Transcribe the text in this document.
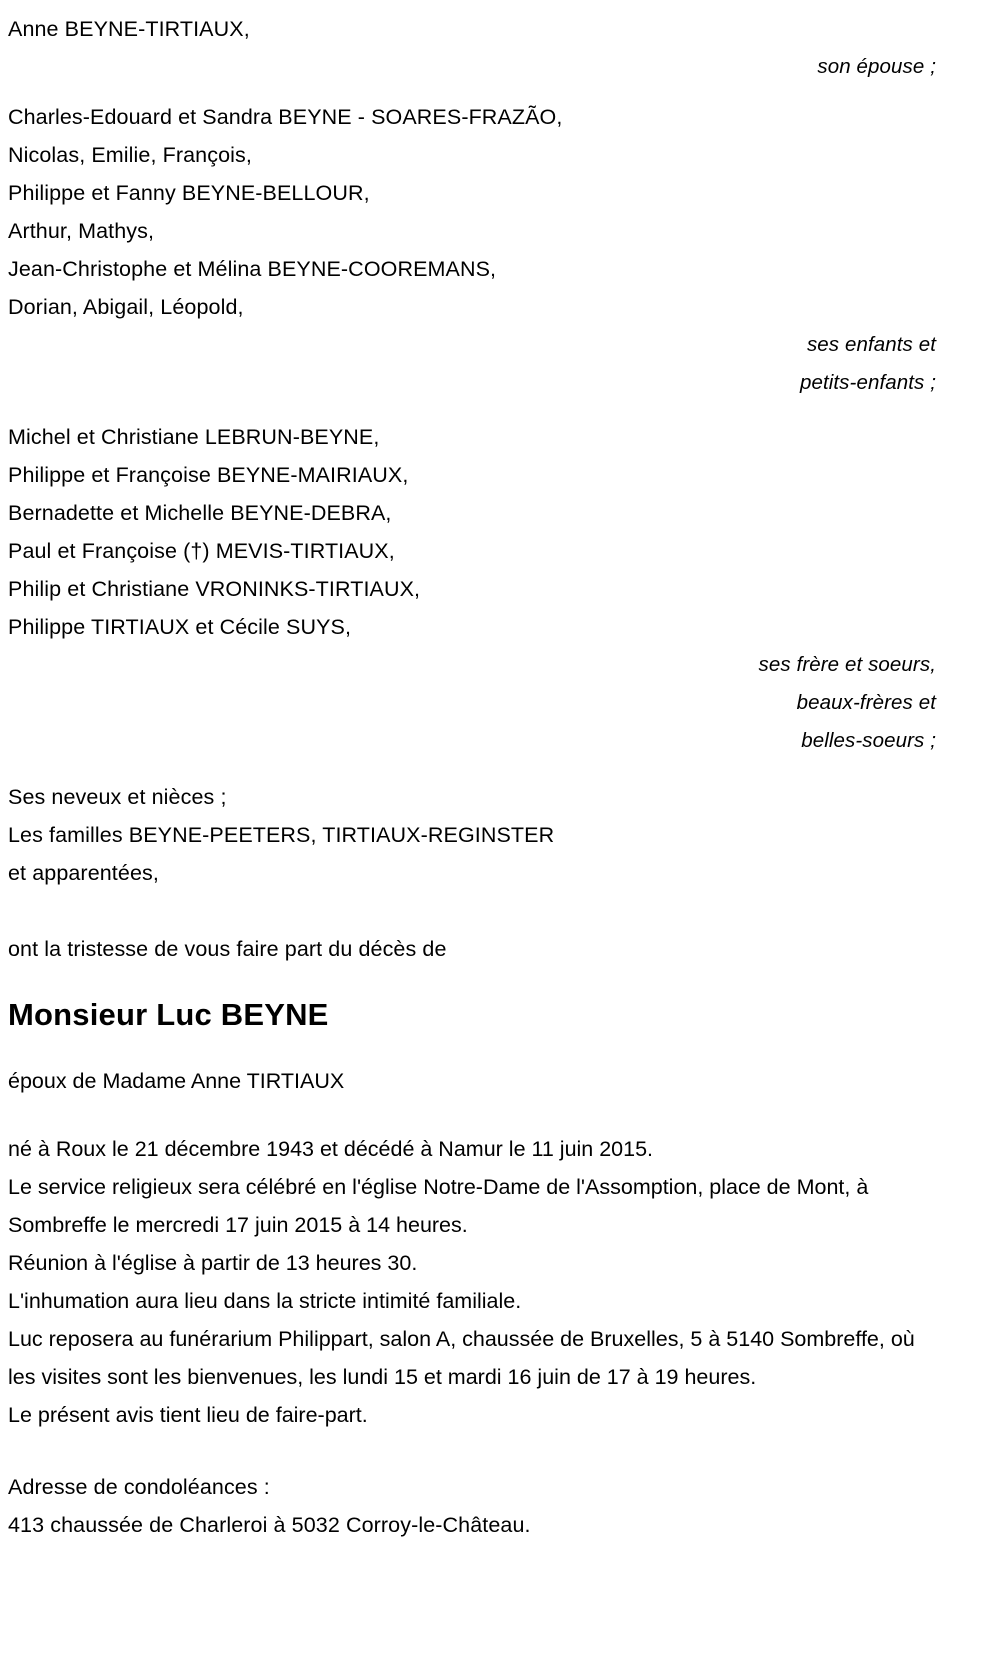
Anne BEYNE-TIRTIAUX,
son épouse ;
Charles-Edouard et Sandra BEYNE - SOARES-FRAZÃO,
Nicolas, Emilie, François,
Philippe et Fanny BEYNE-BELLOUR,
Arthur, Mathys,
Jean-Christophe et Mélina BEYNE-COOREMANS,
Dorian, Abigail, Léopold,
ses enfants et
petits-enfants ;
Michel et Christiane LEBRUN-BEYNE,
Philippe et Françoise BEYNE-MAIRIAUX,
Bernadette et Michelle BEYNE-DEBRA,
Paul et Françoise (†) MEVIS-TIRTIAUX,
Philip et Christiane VRONINKS-TIRTIAUX,
Philippe TIRTIAUX et Cécile SUYS,
ses frère et soeurs,
beaux-frères et
belles-soeurs ;
Ses neveux et nièces ;
Les familles BEYNE-PEETERS, TIRTIAUX-REGINSTER
et apparentées,
ont la tristesse de vous faire part du décès de
Monsieur Luc BEYNE
époux de Madame Anne TIRTIAUX
né à Roux le 21 décembre 1943 et décédé à Namur le 11 juin 2015.
Le service religieux sera célébré en l'église Notre-Dame de l'Assomption, place de Mont, à Sombreffe le mercredi 17 juin 2015 à 14 heures.
Réunion à l'église à partir de 13 heures 30.
L'inhumation aura lieu dans la stricte intimité familiale.
Luc reposera au funérarium Philippart, salon A, chaussée de Bruxelles, 5 à 5140 Sombreffe, où les visites sont les bienvenues, les lundi 15 et mardi 16 juin de 17 à 19 heures.
Le présent avis tient lieu de faire-part.
Adresse de condoléances :
413 chaussée de Charleroi à 5032 Corroy-le-Château.
